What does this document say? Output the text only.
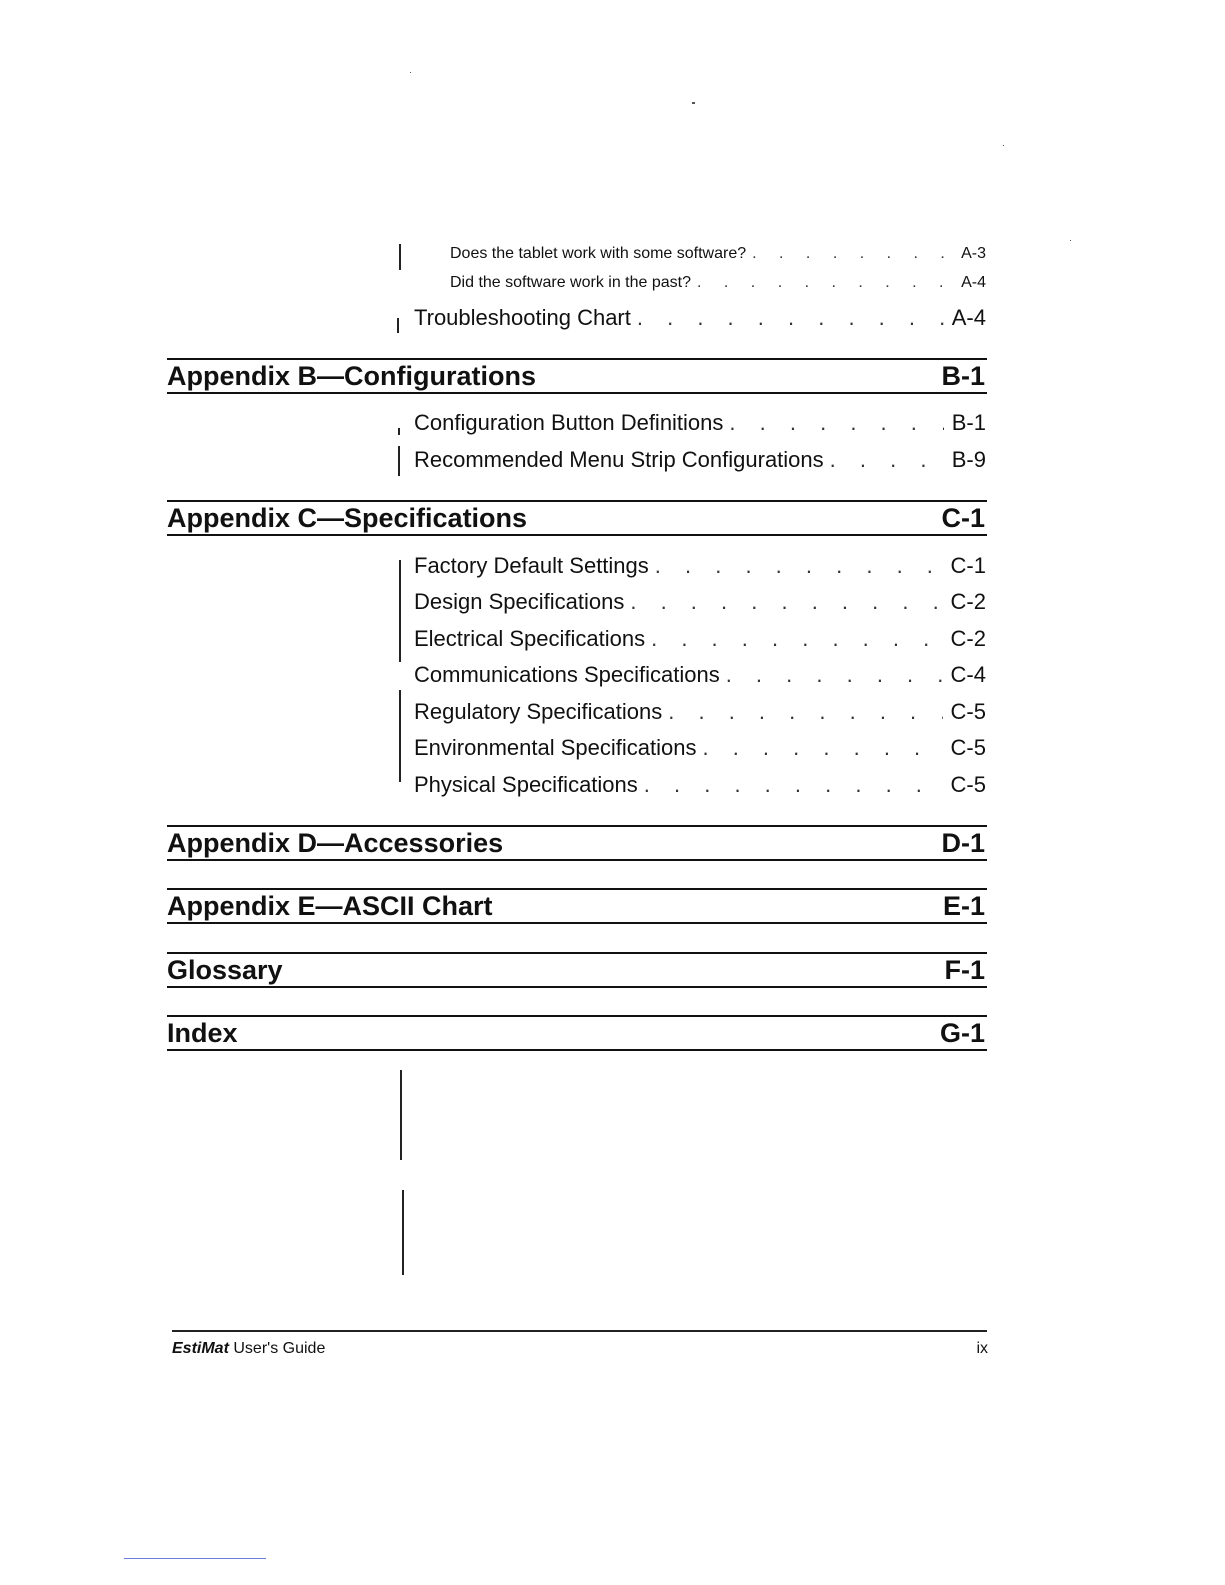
Does the tablet work with some software? . . .	A-3
Did the software work in the past? . . .	A-4
Troubleshooting Chart . . .	A-4
Appendix B—Configurations	B-1
Configuration Button Definitions . . .	B-1
Recommended Menu Strip Configurations . . .	B-9
Appendix C—Specifications	C-1
Factory Default Settings . . .	C-1
Design Specifications . . .	C-2
Electrical Specifications . . .	C-2
Communications Specifications . . .	C-4
Regulatory Specifications . . .	C-5
Environmental Specifications . . .	C-5
Physical Specifications . . .	C-5
Appendix D—Accessories	D-1
Appendix E—ASCII Chart	E-1
Glossary	F-1
Index	G-1
EstiMat User's Guide	ix
